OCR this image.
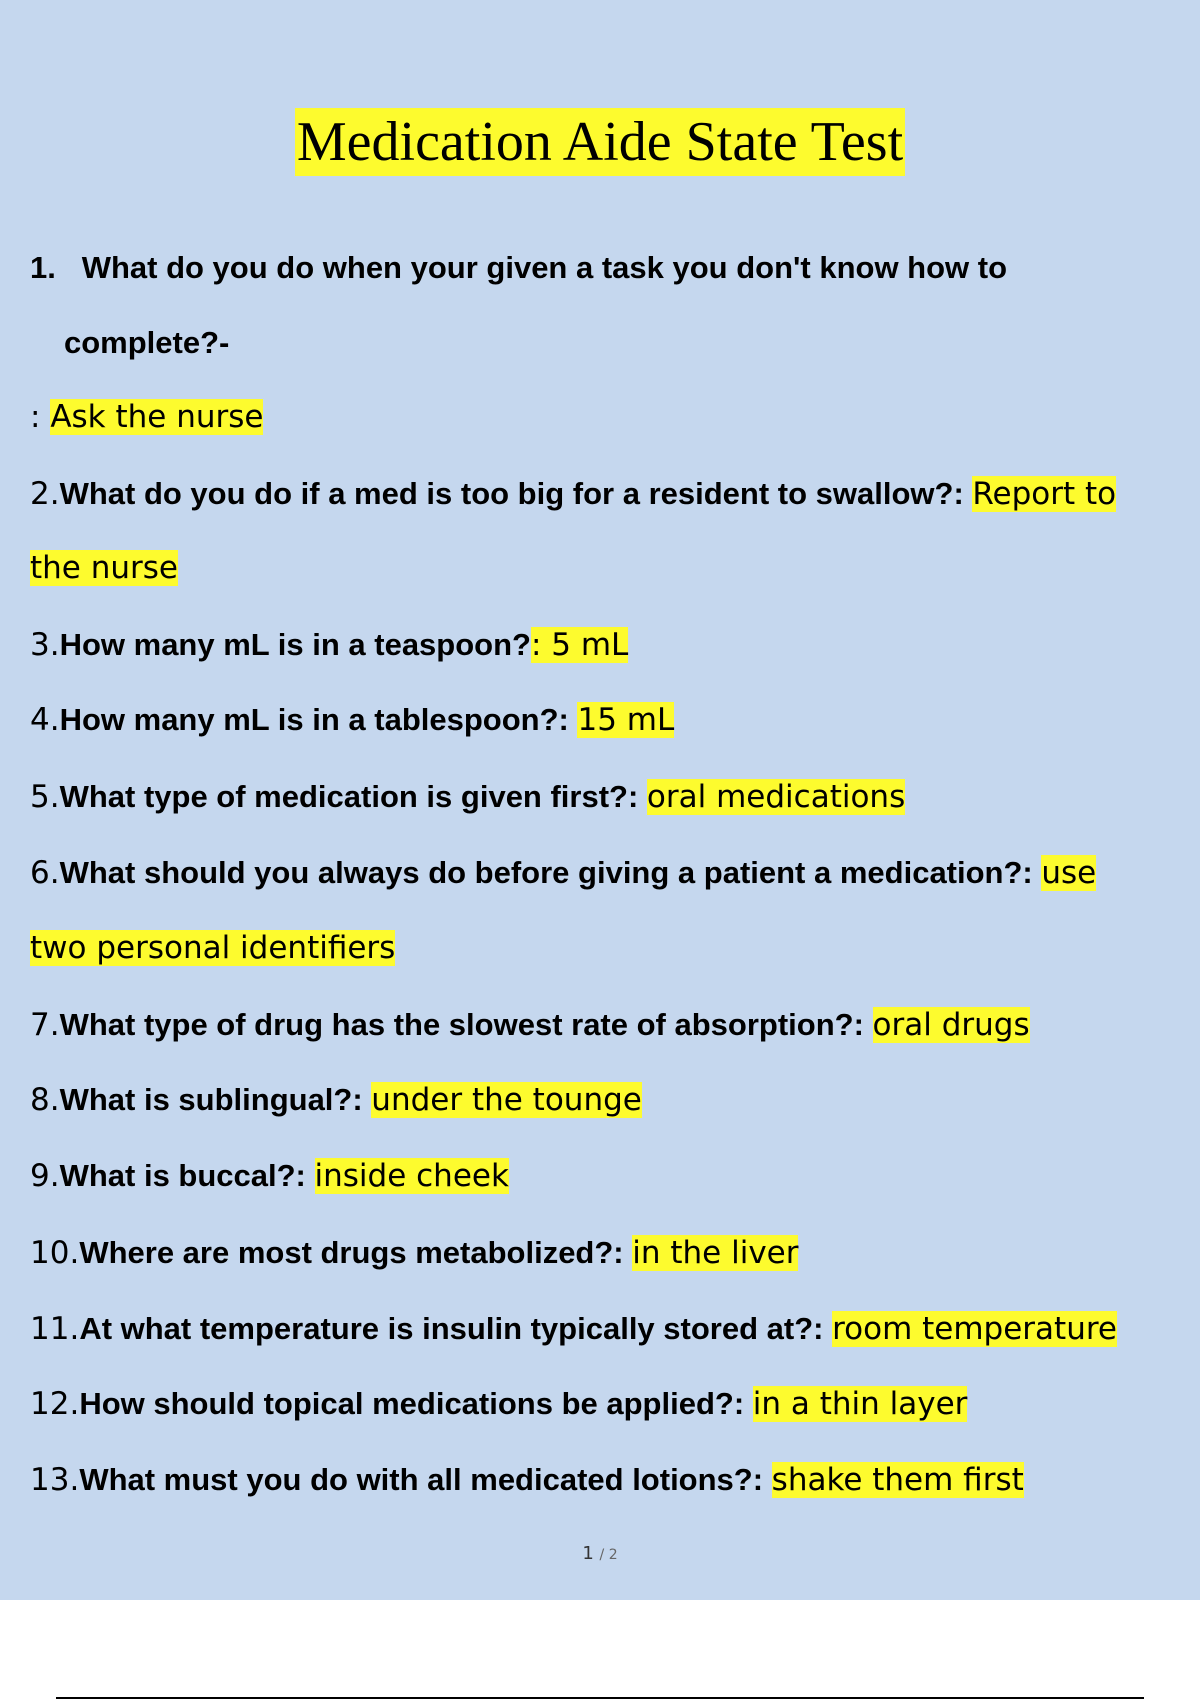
Medication Aide State Test
1. What do you do when your given a task you don't know how to
complete?-
: Ask the nurse
2.What do you do if a med is too big for a resident to swallow?: Report to
the nurse
3.How many mL is in a teaspoon?: 5 mL
4.How many mL is in a tablespoon?: 15 mL
5.What type of medication is given first?: oral medications
6.What should you always do before giving a patient a medication?: use
two personal identifiers
7.What type of drug has the slowest rate of absorption?: oral drugs
8.What is sublingual?: under the tounge
9.What is buccal?: inside cheek
10.Where are most drugs metabolized?: in the liver
11.At what temperature is insulin typically stored at?: room temperature
12.How should topical medications be applied?: in a thin layer
13.What must you do with all medicated lotions?: shake them first
1 / 2
